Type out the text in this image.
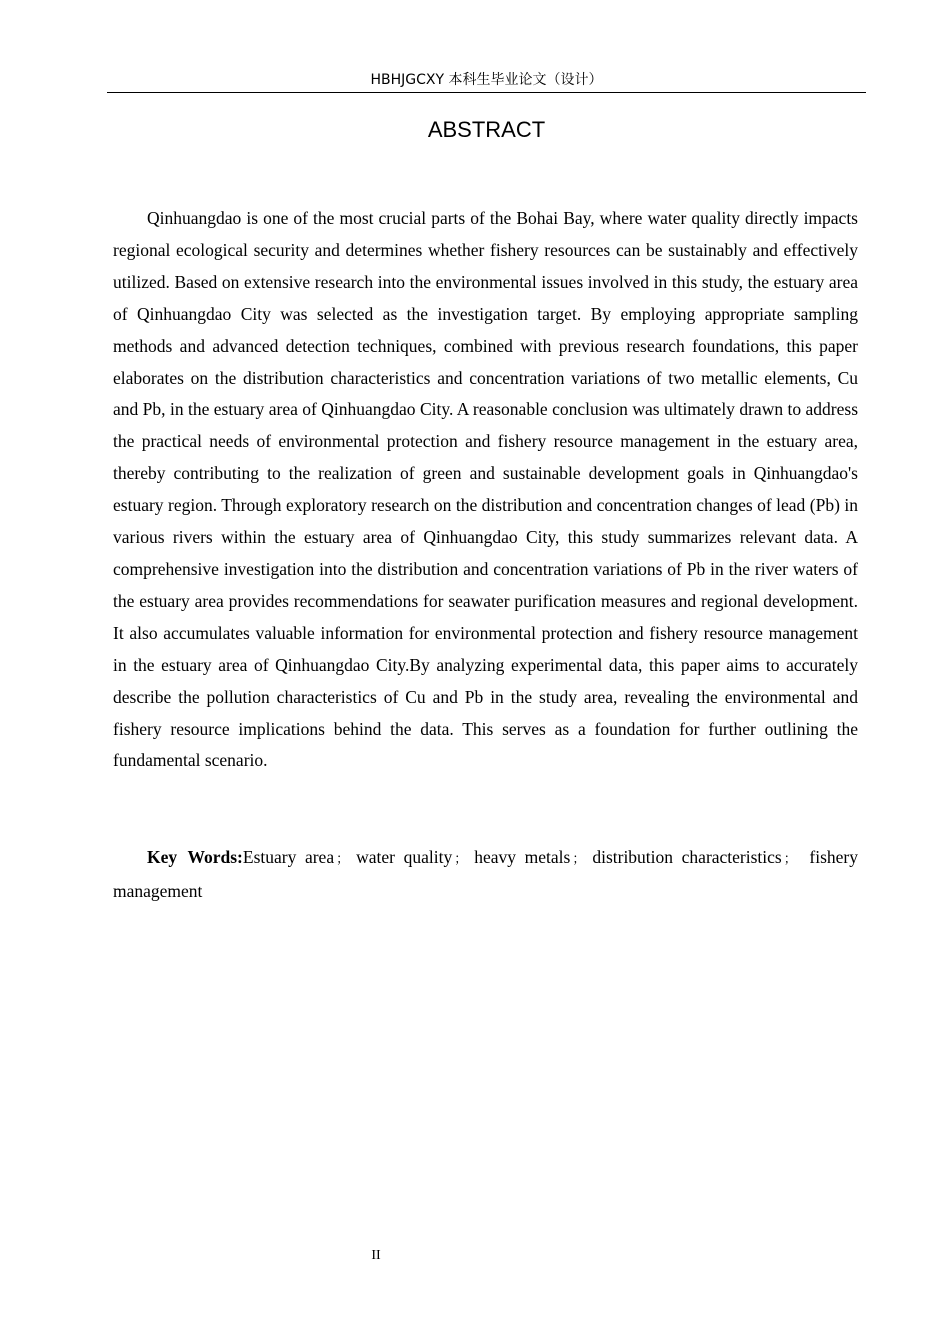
HBHJGCXY 本科生毕业论文（设计）
ABSTRACT

Qinhuangdao is one of the most crucial parts of the Bohai Bay, where water quality directly impacts regional ecological security and determines whether fishery resources can be sustainably and effectively utilized. Based on extensive research into the environmental issues involved in this study, the estuary area of Qinhuangdao City was selected as the investigation target. By employing appropriate sampling methods and advanced detection techniques, combined with previous research foundations, this paper elaborates on the distribution characteristics and concentration variations of two metallic elements, Cu and Pb, in the estuary area of Qinhuangdao City. A reasonable conclusion was ultimately drawn to address the practical needs of environmental protection and fishery resource management in the estuary area, thereby contributing to the realization of green and sustainable development goals in Qinhuangdao's estuary region. Through exploratory research on the distribution and concentration changes of lead (Pb) in various rivers within the estuary area of Qinhuangdao City, this study summarizes relevant data. A comprehensive investigation into the distribution and concentration variations of Pb in the river waters of the estuary area provides recommendations for seawater purification measures and regional development. It also accumulates valuable information for environmental protection and fishery resource management in the estuary area of Qinhuangdao City.By analyzing experimental data, this paper aims to accurately describe the pollution characteristics of Cu and Pb in the study area, revealing the environmental and fishery resource implications behind the data. This serves as a foundation for further outlining the fundamental scenario.

Key Words:Estuary area ； water quality ； heavy metals ； distribution characteristics ； fishery management

II
